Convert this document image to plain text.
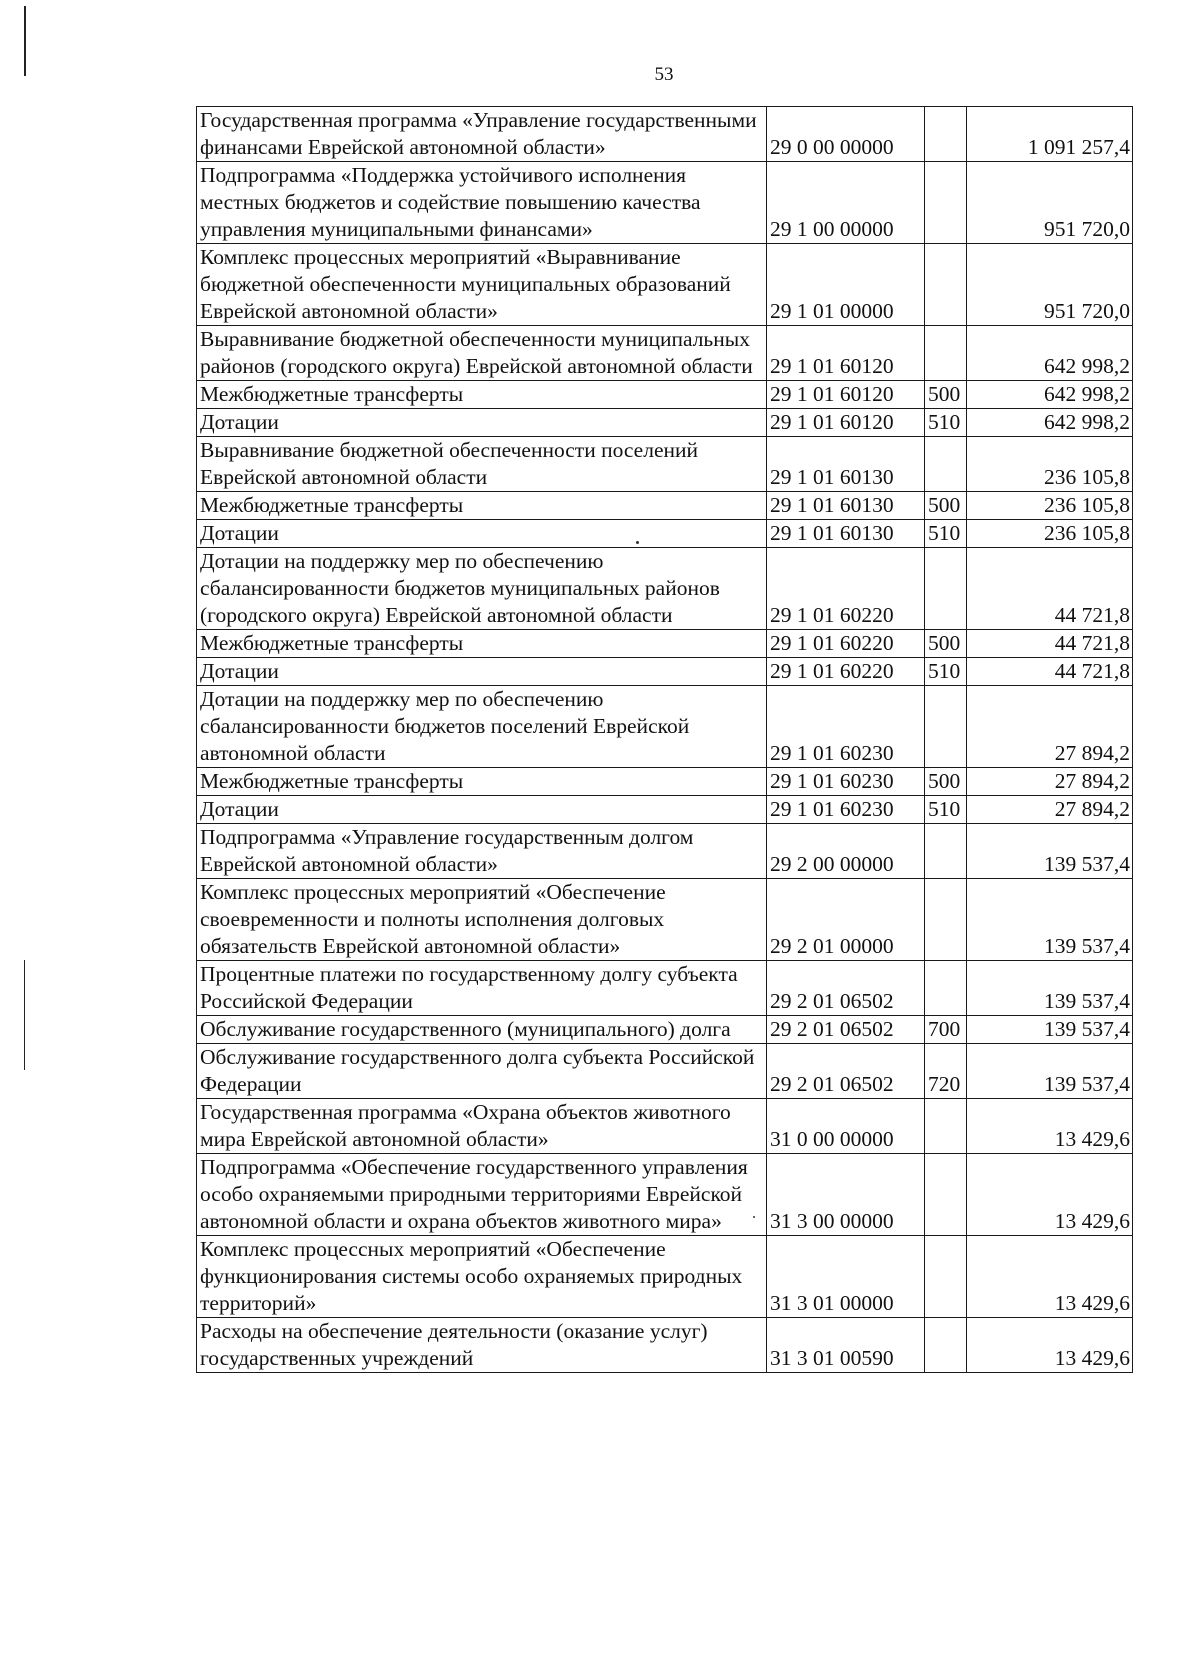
53
Государственная программа «Управление государственными финансами Еврейской автономной области»	29 0 00 00000		1 091 257,4
Подпрограмма «Поддержка устойчивого исполнения местных бюджетов и содействие повышению качества управления муниципальными финансами»	29 1 00 00000		951 720,0
Комплекс процессных мероприятий «Выравнивание бюджетной обеспеченности муниципальных образований Еврейской автономной области»	29 1 01 00000		951 720,0
Выравнивание бюджетной обеспеченности муниципальных районов (городского округа) Еврейской автономной области	29 1 01 60120		642 998,2
Межбюджетные трансферты	29 1 01 60120	500	642 998,2
Дотации	29 1 01 60120	510	642 998,2
Выравнивание бюджетной обеспеченности поселений Еврейской автономной области	29 1 01 60130		236 105,8
Межбюджетные трансферты	29 1 01 60130	500	236 105,8
Дотации	29 1 01 60130	510	236 105,8
Дотации на поддержку мер по обеспечению сбалансированности бюджетов муниципальных районов (городского округа) Еврейской автономной области	29 1 01 60220		44 721,8
Межбюджетные трансферты	29 1 01 60220	500	44 721,8
Дотации	29 1 01 60220	510	44 721,8
Дотации на поддержку мер по обеспечению сбалансированности бюджетов поселений Еврейской автономной области	29 1 01 60230		27 894,2
Межбюджетные трансферты	29 1 01 60230	500	27 894,2
Дотации	29 1 01 60230	510	27 894,2
Подпрограмма «Управление государственным долгом Еврейской автономной области»	29 2 00 00000		139 537,4
Комплекс процессных мероприятий «Обеспечение своевременности и полноты исполнения долговых обязательств Еврейской автономной области»	29 2 01 00000		139 537,4
Процентные платежи по государственному долгу субъекта Российской Федерации	29 2 01 06502		139 537,4
Обслуживание государственного (муниципального) долга	29 2 01 06502	700	139 537,4
Обслуживание государственного долга субъекта Российской Федерации	29 2 01 06502	720	139 537,4
Государственная программа «Охрана объектов животного мира Еврейской автономной области»	31 0 00 00000		13 429,6
Подпрограмма «Обеспечение государственного управления особо охраняемыми природными территориями Еврейской автономной области и охрана объектов животного мира»	31 3 00 00000		13 429,6
Комплекс процессных мероприятий «Обеспечение функционирования системы особо охраняемых природных территорий»	31 3 01 00000		13 429,6
Расходы на обеспечение деятельности (оказание услуг) государственных учреждений	31 3 01 00590		13 429,6
